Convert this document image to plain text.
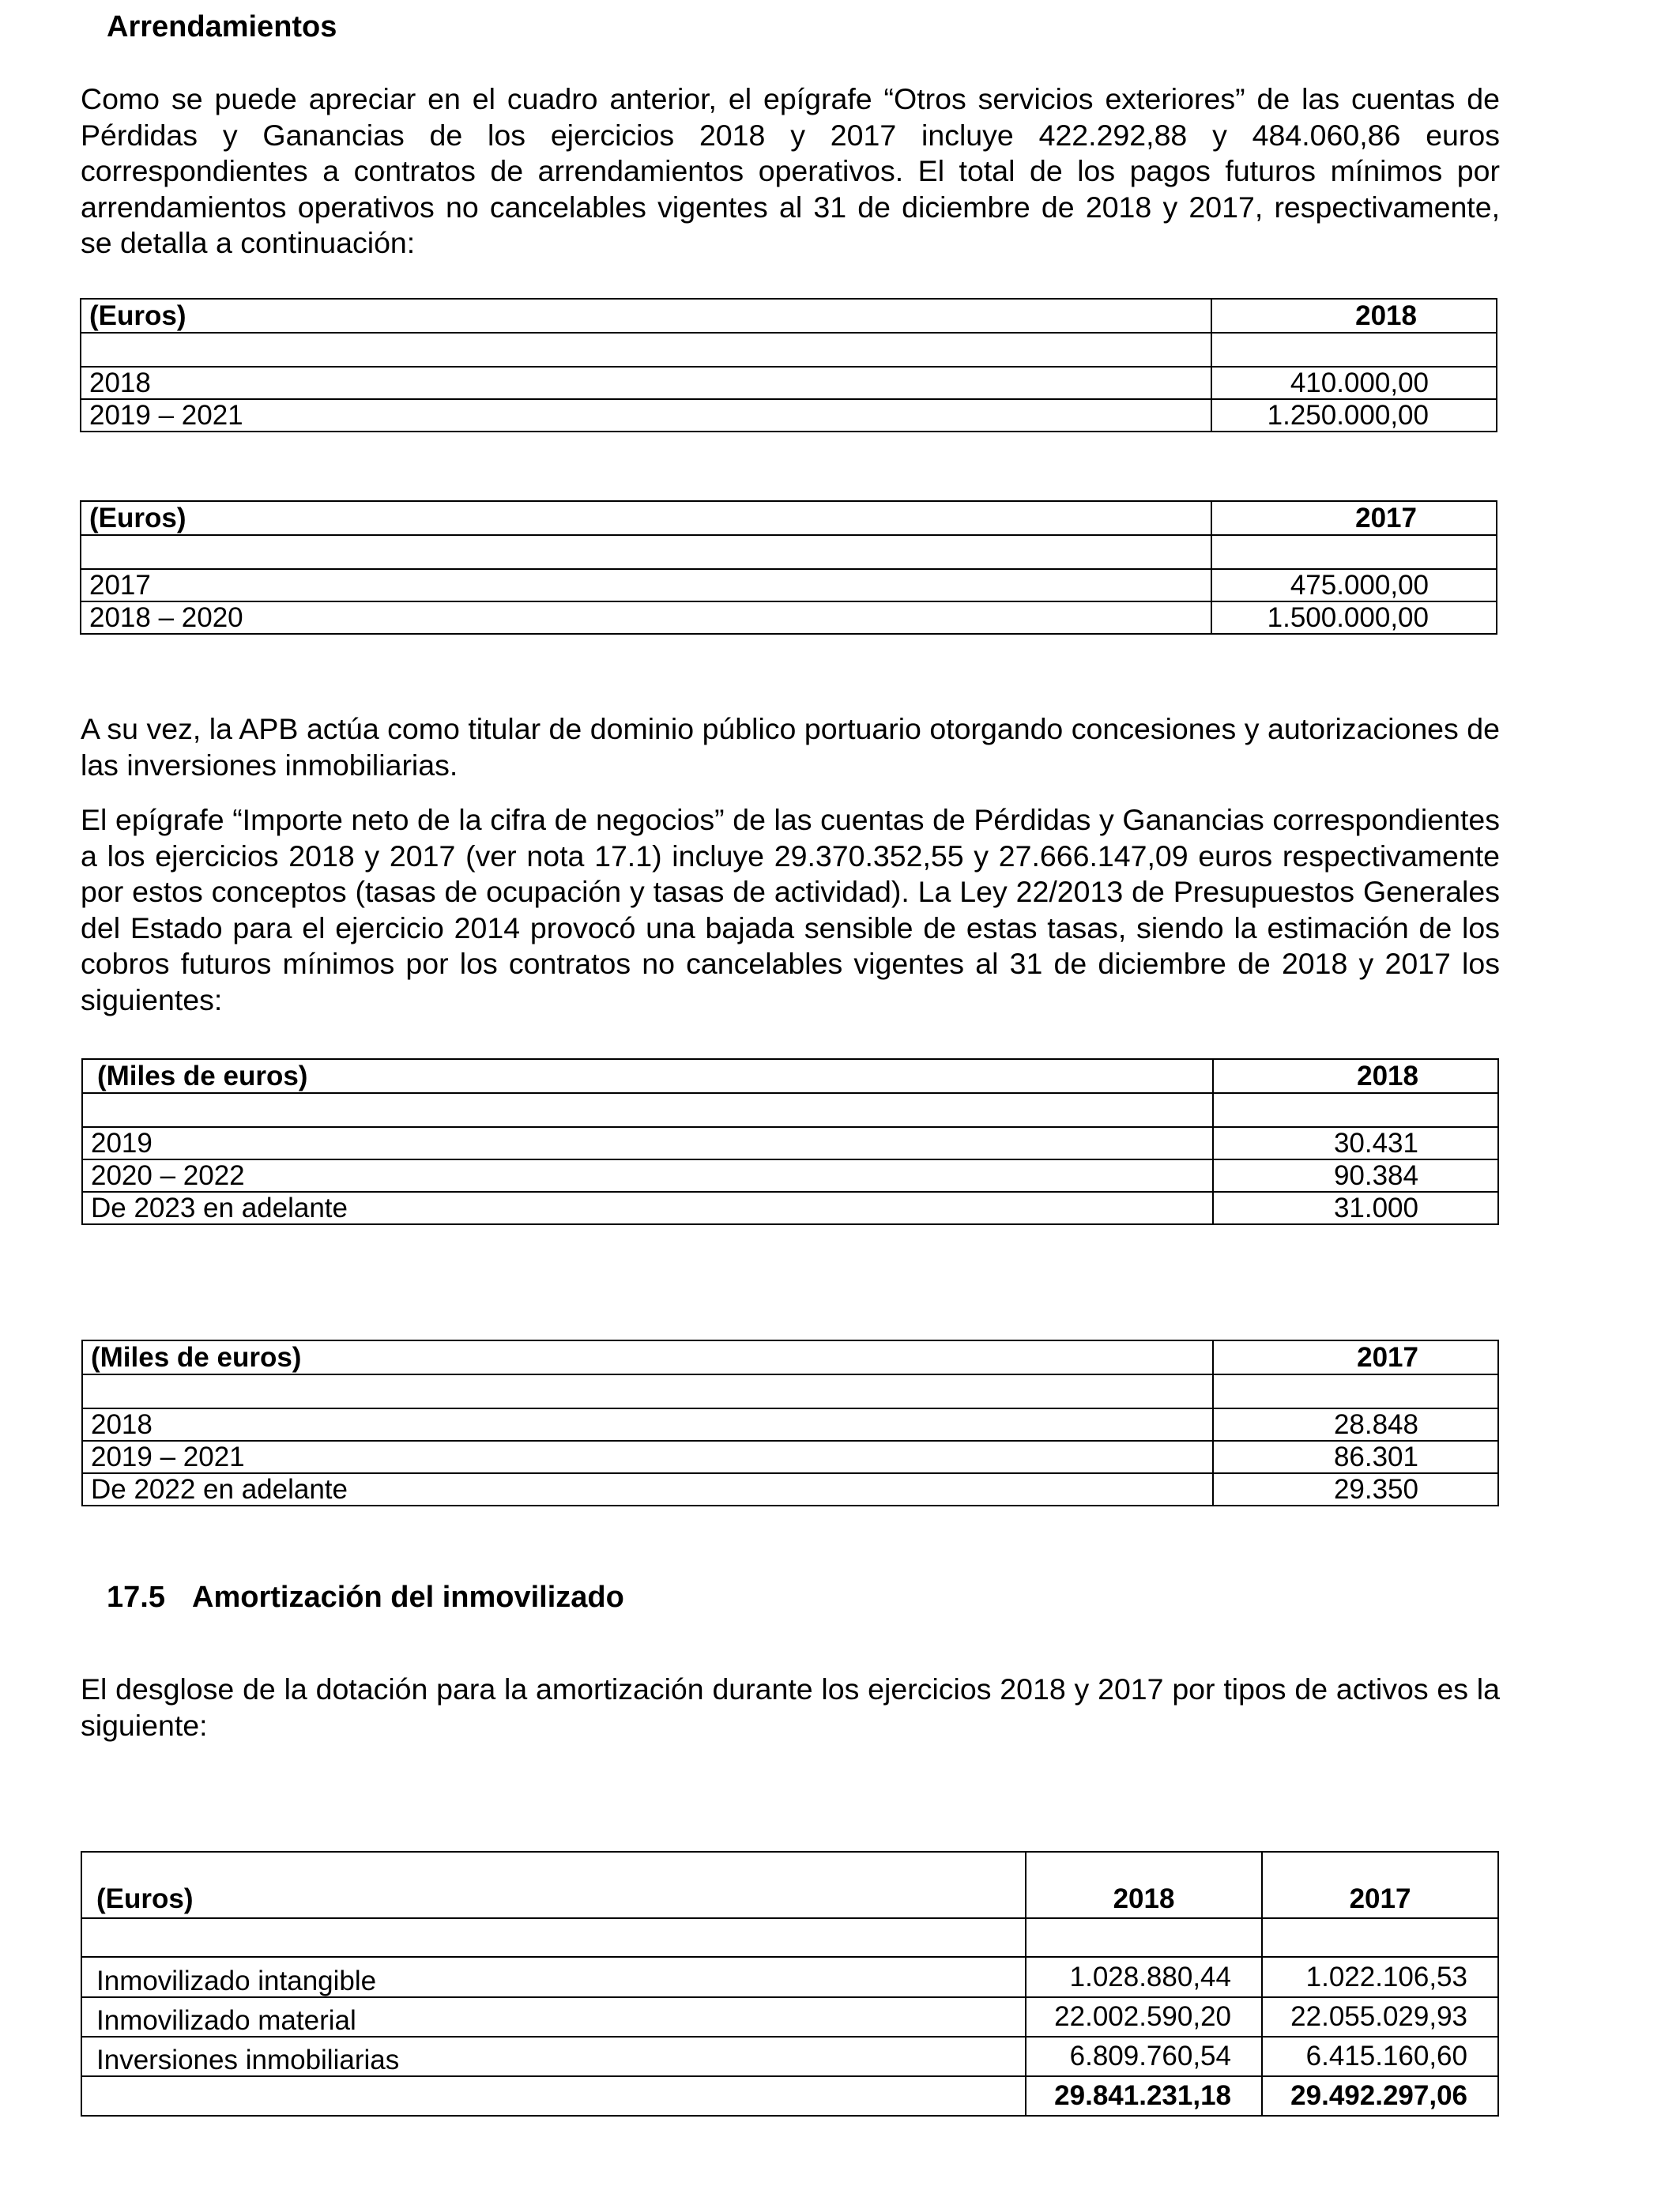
Arrendamientos

Como se puede apreciar en el cuadro anterior, el epígrafe “Otros servicios exteriores” de las cuentas de Pérdidas y Ganancias de los ejercicios 2018 y 2017 incluye 422.292,88 y 484.060,86 euros correspondientes a contratos de arrendamientos operativos. El total de los pagos futuros mínimos por arrendamientos operativos no cancelables vigentes al 31 de diciembre de 2018 y 2017, respectivamente, se detalla a continuación:

(Euros)	2018

2018	410.000,00
2019 – 2021	1.250.000,00
(Euros)	2017

2017	475.000,00
2018 – 2020	1.500.000,00

A su vez, la APB actúa como titular de dominio público portuario otorgando concesiones y autorizaciones de las inversiones inmobiliarias.

El epígrafe “Importe neto de la cifra de negocios” de las cuentas de Pérdidas y Ganancias correspondientes a los ejercicios 2018 y 2017 (ver nota 17.1) incluye 29.370.352,55 y 27.666.147,09 euros respectivamente por estos conceptos (tasas de ocupación y tasas de actividad). La Ley 22/2013 de Presupuestos Generales del Estado para el ejercicio 2014 provocó una bajada sensible de estas tasas, siendo la estimación de los cobros futuros mínimos por los contratos no cancelables vigentes al 31 de diciembre de 2018 y 2017 los siguientes:

(Miles de euros)	2018

2019	30.431
2020 – 2022	90.384
De 2023 en adelante	31.000
(Miles de euros)	2017

2018	28.848
2019 – 2021	86.301
De 2022 en adelante	29.350
17.5 Amortización del inmovilizado

El desglose de la dotación para la amortización durante los ejercicios 2018 y 2017 por tipos de activos es la siguiente:

(Euros)	2018	2017

Inmovilizado intangible	1.028.880,44	1.022.106,53
Inmovilizado material	22.002.590,20	22.055.029,93
Inversiones inmobiliarias	6.809.760,54	6.415.160,60
	29.841.231,18	29.492.297,06
